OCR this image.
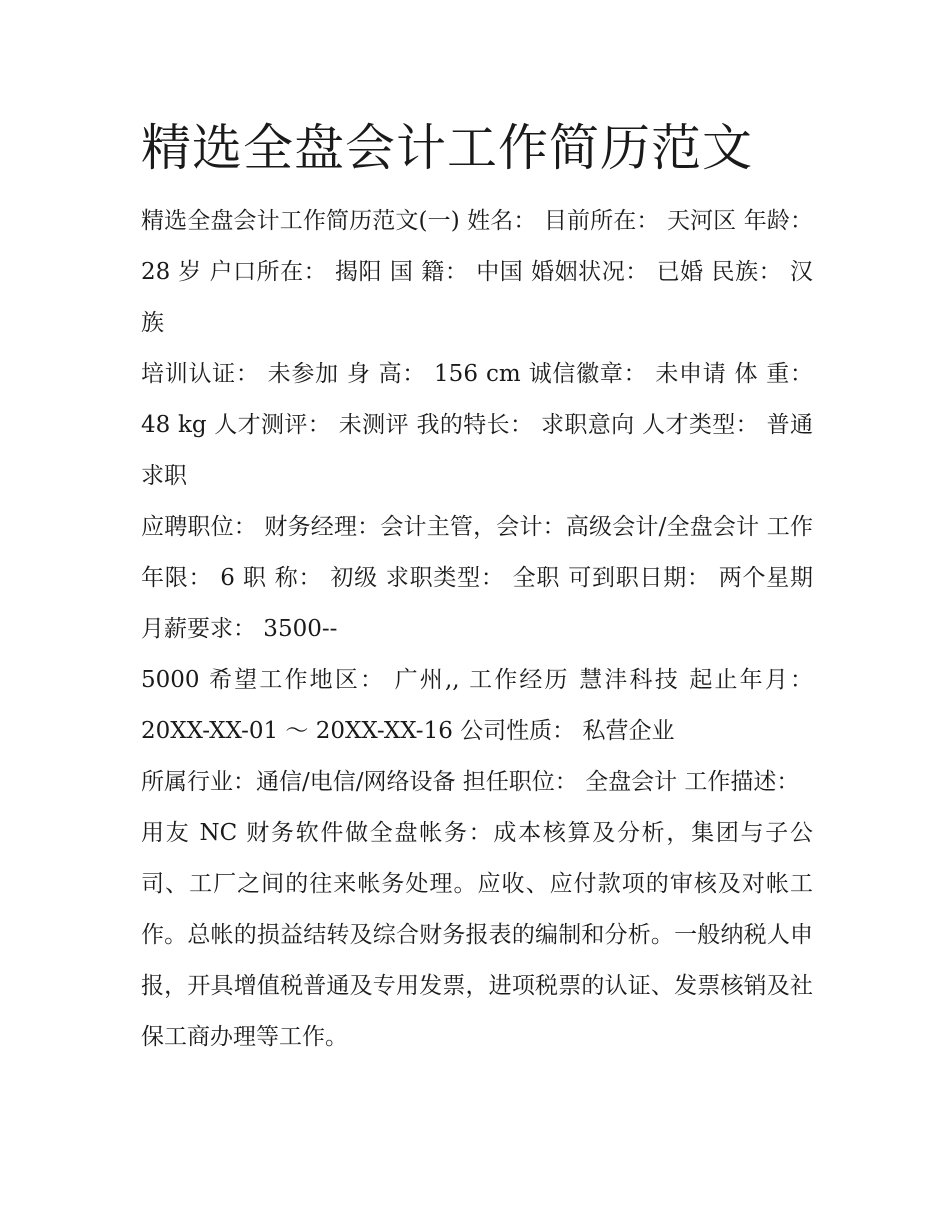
精选全盘会计工作简历范文

精选全盘会计工作简历范文(一) 姓名： 目前所在： 天河区 年龄： 28 岁 户口所在： 揭阳 国 籍： 中国 婚姻状况： 已婚 民族： 汉族

培训认证： 未参加 身 高： 156 cm 诚信徽章： 未申请 体 重： 48 kg 人才测评： 未测评 我的特长： 求职意向 人才类型： 普通求职

应聘职位： 财务经理：会计主管，会计：高级会计/全盘会计 工作年限： 6 职 称： 初级 求职类型： 全职 可到职日期： 两个星期 月薪要求： 3500--

5000 希望工作地区： 广州,, 工作经历 慧沣科技 起止年月：20XX-XX-01 ～ 20XX-XX-16 公司性质： 私营企业

所属行业：通信/电信/网络设备 担任职位： 全盘会计 工作描述：

用友 NC 财务软件做全盘帐务：成本核算及分析，集团与子公司、工厂之间的往来帐务处理。应收、应付款项的审核及对帐工作。总帐的损益结转及综合财务报表的编制和分析。一般纳税人申报，开具增值税普通及专用发票，进项税票的认证、发票核销及社保工商办理等工作。
